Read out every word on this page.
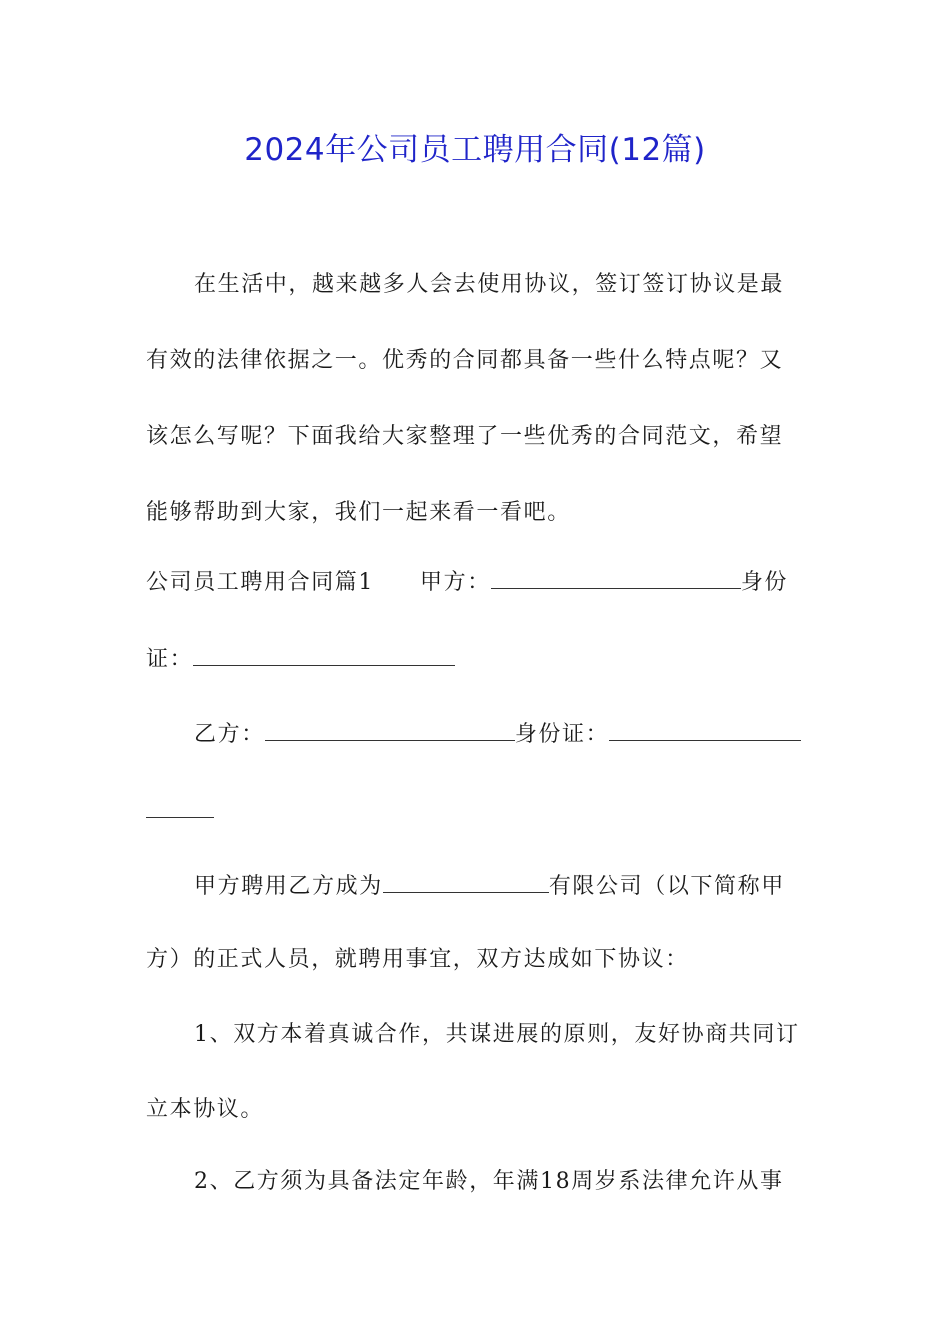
2024年公司员工聘用合同(12篇)
在生活中，越来越多人会去使用协议，签订签订协议是最
有效的法律依据之一。优秀的合同都具备一些什么特点呢？又
该怎么写呢？下面我给大家整理了一些优秀的合同范文，希望
能够帮助到大家，我们一起来看一看吧。
公司员工聘用合同篇1 甲方：	身份
证：
乙方：	身份证：
甲方聘用乙方成为	有限公司（以下简称甲
方）的正式人员，就聘用事宜，双方达成如下协议：
1、双方本着真诚合作，共谋进展的原则，友好协商共同订
立本协议。
2、乙方须为具备法定年龄，年满18周岁系法律允许从事
